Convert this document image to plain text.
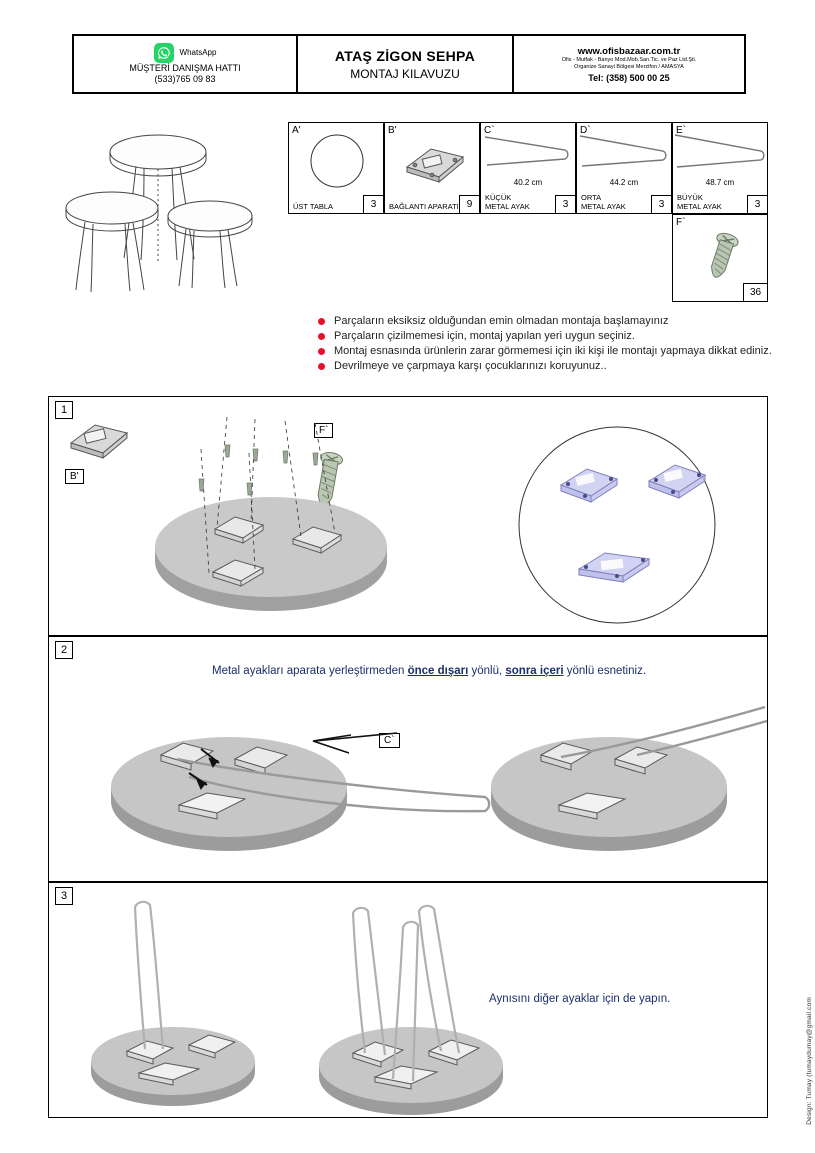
WhatsApp
MÜŞTERİ DANIŞMA HATTI
(533)765 09 83
ATAŞ ZİGON SEHPA
MONTAJ KILAVUZU
www.ofisbazaar.com.tr
Ofis - Mutfak - Banyo Mod.Mob.San.Tic. ve Paz Ltd.Şti.
Organize Sanayi Bölgesi Merzifon / AMASYA
Tel: (358) 500 00 25
A'
ÜST TABLA	3
B'
BAĞLANTI APARATI 9
C`
40.2 cm
KÜÇÜK
METAL AYAK	3
D`
44.2 cm
ORTA
METAL AYAK	3
E`
48.7 cm
BÜYÜK
METAL AYAK	3
F`
36
Parçaların eksiksiz olduğundan emin olmadan montaja başlamayınız
Parçaların çizilmemesi için, montaj yapılan yeri uygun seçiniz.
Montaj esnasında ürünlerin zarar görmemesi için iki kişi ile montajı yapmaya dikkat ediniz.
Devrilmeye ve çarpmaya karşı çocuklarınızı koruyunuz..
1
B'
F`
2
Metal ayakları aparata yerleştirmeden önce dışarı yönlü, sonra içeri yönlü esnetiniz.
C`
3
Aynısını diğer ayaklar için de yapın.	Design: Tumay (tumaydumay@gmail.com
